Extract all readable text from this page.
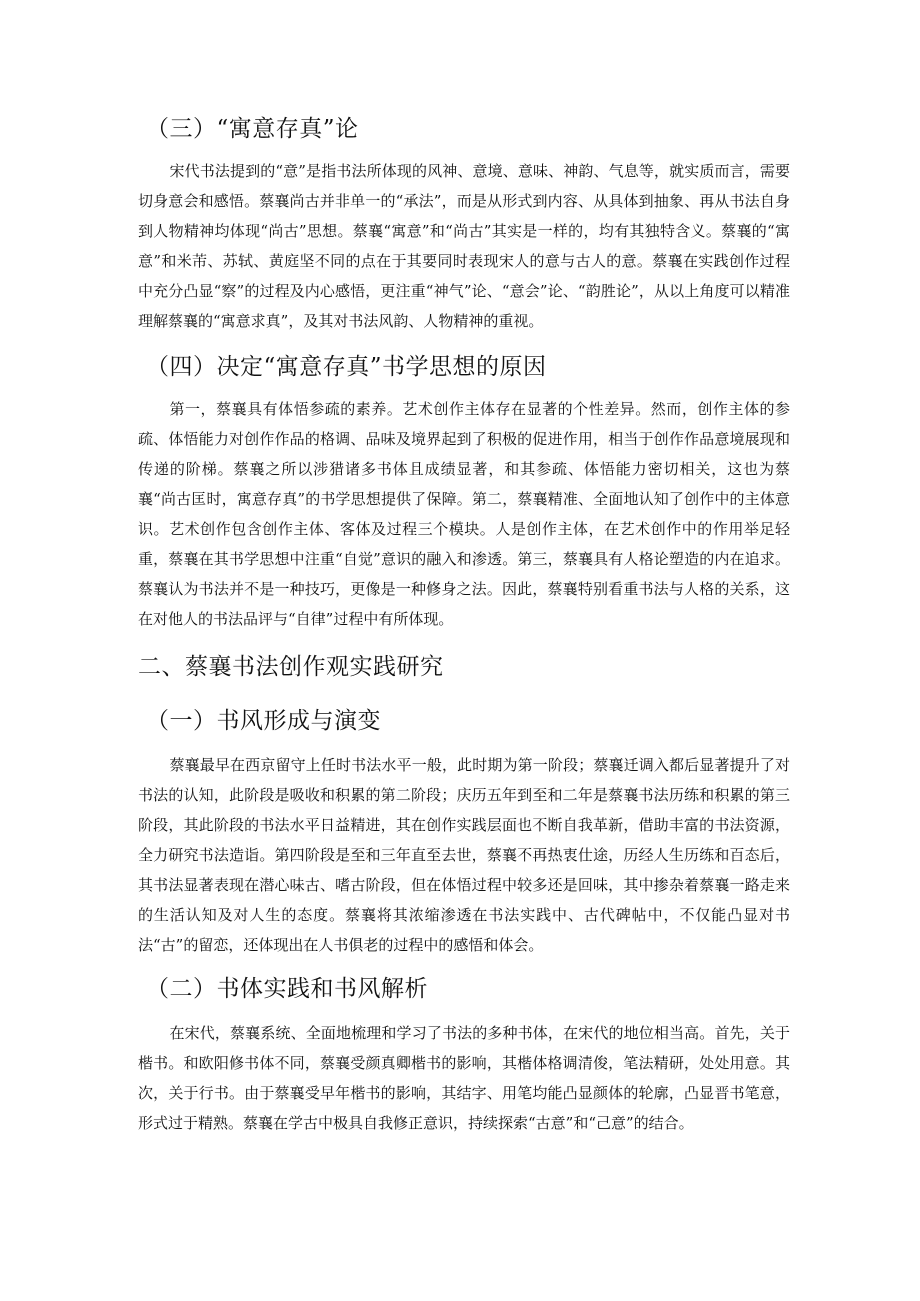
（三）“寓意存真”论

宋代书法提到的“意”是指书法所体现的风神、意境、意味、神韵、气息等，就实质而言，需要切身意会和感悟。蔡襄尚古并非单一的“承法”，而是从形式到内容、从具体到抽象、再从书法自身到人物精神均体现“尚古”思想。蔡襄“寓意”和“尚古”其实是一样的，均有其独特含义。蔡襄的“寓意”和米芾、苏轼、黄庭坚不同的点在于其要同时表现宋人的意与古人的意。蔡襄在实践创作过程中充分凸显“察”的过程及内心感悟，更注重“神气”论、“意会”论、“韵胜论”，从以上角度可以精准理解蔡襄的“寓意求真”，及其对书法风韵、人物精神的重视。

（四）决定“寓意存真”书学思想的原因

第一，蔡襄具有体悟参疏的素养。艺术创作主体存在显著的个性差异。然而，创作主体的参疏、体悟能力对创作作品的格调、品味及境界起到了积极的促进作用，相当于创作作品意境展现和传递的阶梯。蔡襄之所以涉猎诸多书体且成绩显著，和其参疏、体悟能力密切相关，这也为蔡襄“尚古匡时，寓意存真”的书学思想提供了保障。第二，蔡襄精准、全面地认知了创作中的主体意识。艺术创作包含创作主体、客体及过程三个模块。人是创作主体，在艺术创作中的作用举足轻重，蔡襄在其书学思想中注重“自觉”意识的融入和渗透。第三，蔡襄具有人格论塑造的内在追求。蔡襄认为书法并不是一种技巧，更像是一种修身之法。因此，蔡襄特别看重书法与人格的关系，这在对他人的书法品评与“自律”过程中有所体现。

二、蔡襄书法创作观实践研究
（一）书风形成与演变

蔡襄最早在西京留守上任时书法水平一般，此时期为第一阶段；蔡襄迁调入都后显著提升了对书法的认知，此阶段是吸收和积累的第二阶段；庆历五年到至和二年是蔡襄书法历练和积累的第三阶段，其此阶段的书法水平日益精进，其在创作实践层面也不断自我革新，借助丰富的书法资源，全力研究书法造诣。第四阶段是至和三年直至去世，蔡襄不再热衷仕途，历经人生历练和百态后，其书法显著表现在潜心味古、嗜古阶段，但在体悟过程中较多还是回味，其中掺杂着蔡襄一路走来的生活认知及对人生的态度。蔡襄将其浓缩渗透在书法实践中、古代碑帖中，不仅能凸显对书法“古”的留恋，还体现出在人书俱老的过程中的感悟和体会。

（二）书体实践和书风解析

在宋代，蔡襄系统、全面地梳理和学习了书法的多种书体，在宋代的地位相当高。首先，关于楷书。和欧阳修书体不同，蔡襄受颜真卿楷书的影响，其楷体格调清俊，笔法精研，处处用意。其次，关于行书。由于蔡襄受早年楷书的影响，其结字、用笔均能凸显颜体的轮廓，凸显晋书笔意，形式过于精熟。蔡襄在学古中极具自我修正意识，持续探索“古意”和“己意”的结合。
